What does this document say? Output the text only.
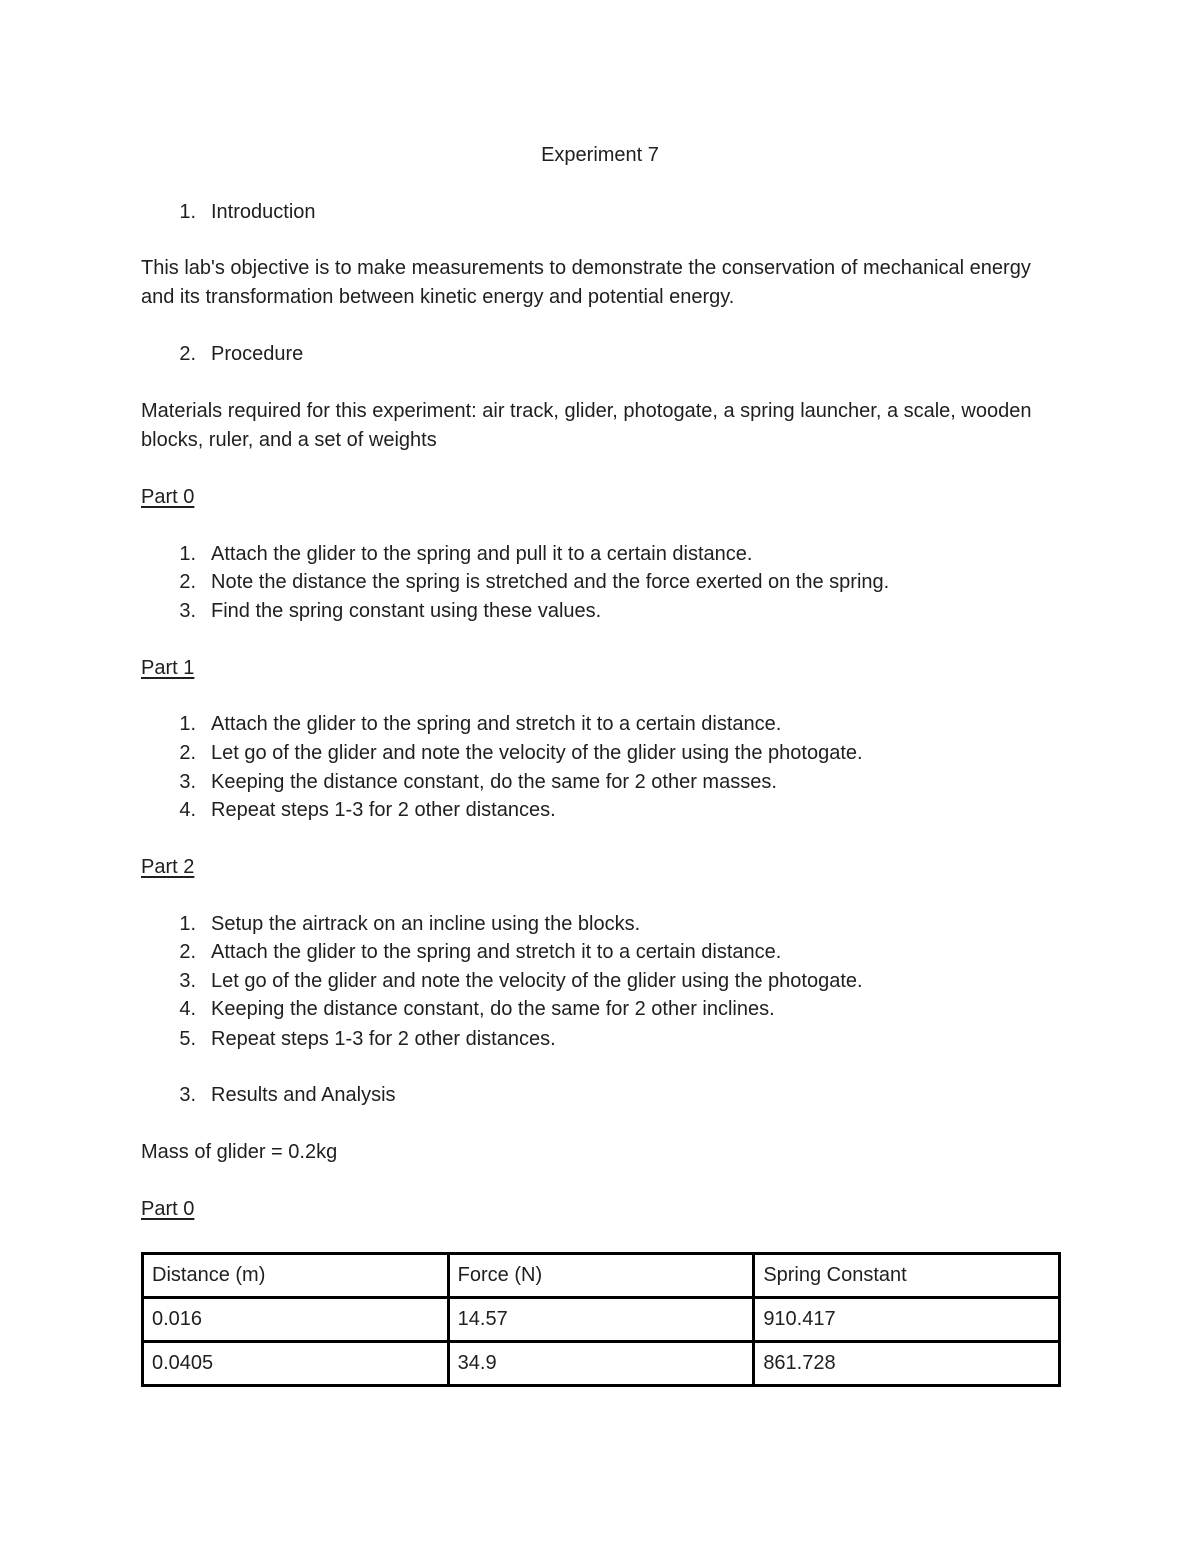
Experiment 7
1 . Introduction
This lab's objective is to make measurements to demonstrate the conservation of mechanical energy and its transformation between kinetic energy and potential energy.
2 . Procedure
Materials required for this experiment: air track, glider, photogate, a spring launcher, a scale, wooden blocks, ruler, and a set of weights
Part 0
1 . Attach the glider to the spring and pull it to a certain distance.
2 . Note the distance the spring is stretched and the force exerted on the spring.
3 . Find the spring constant using these values.
Part 1
1 . Attach the glider to the spring and stretch it to a certain distance.
2 . Let go of the glider and note the velocity of the glider using the photogate.
3 . Keeping the distance constant, do the same for 2 other masses.
4 . Repeat steps 1-3 for 2 other distances.
Part 2
1 . Setup the airtrack on an incline using the blocks.
2 . Attach the glider to the spring and stretch it to a certain distance.
3 . Let go of the glider and note the velocity of the glider using the photogate.
4 . Keeping the distance constant, do the same for 2 other inclines.
5 . Repeat steps 1-3 for 2 other distances.
3 . Results and Analysis
Mass of glider = 0.2kg
Part 0
Distance (m)	Force (N)	Spring Constant
0.016	14.57	910.417
0.0405	34.9	861.728
